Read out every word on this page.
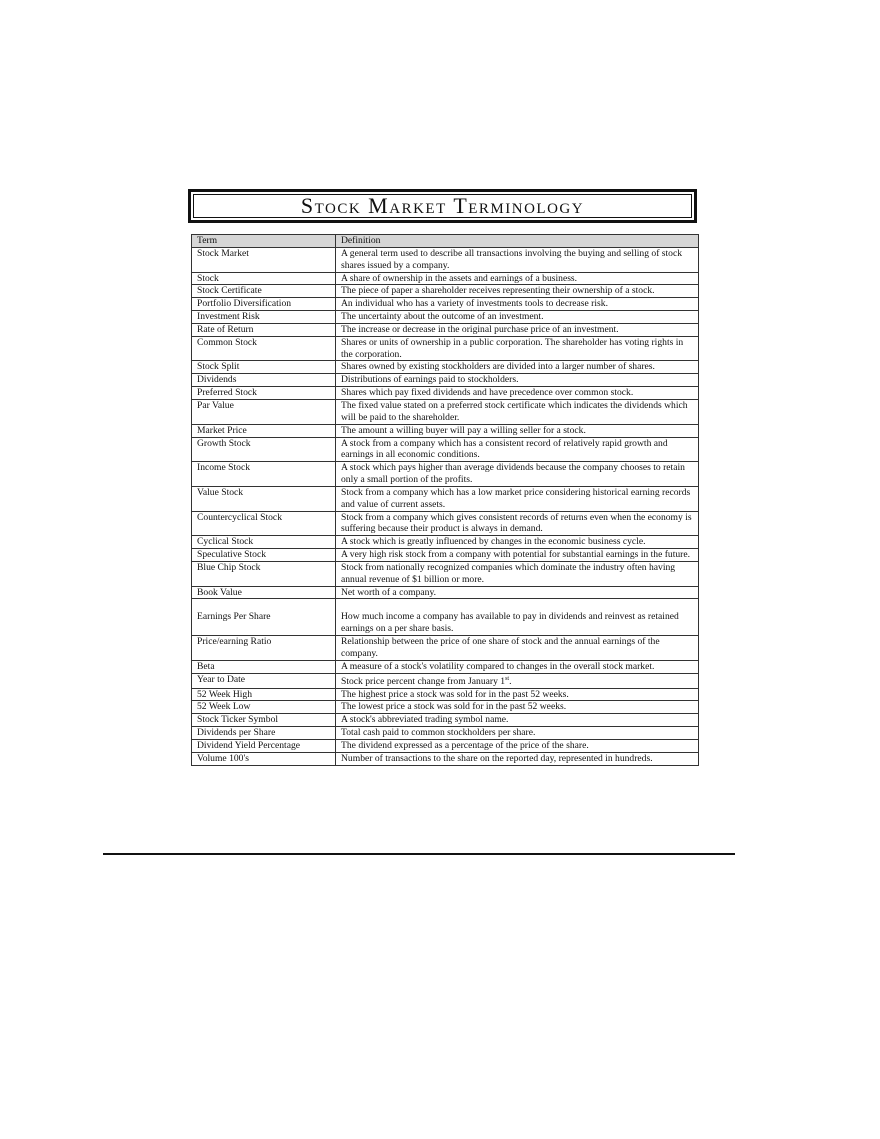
Stock Market Terminology
Term	Definition
Stock Market	A general term used to describe all transactions involving the buying and selling of stock shares issued by a company.
Stock	A share of ownership in the assets and earnings of a business.
Stock Certificate	The piece of paper a shareholder receives representing their ownership of a stock.
Portfolio Diversification	An individual who has a variety of investments tools to decrease risk.
Investment Risk	The uncertainty about the outcome of an investment.
Rate of Return	The increase or decrease in the original purchase price of an investment.
Common Stock	Shares or units of ownership in a public corporation. The shareholder has voting rights in the corporation.
Stock Split	Shares owned by existing stockholders are divided into a larger number of shares.
Dividends	Distributions of earnings paid to stockholders.
Preferred Stock	Shares which pay fixed dividends and have precedence over common stock.
Par Value	The fixed value stated on a preferred stock certificate which indicates the dividends which will be paid to the shareholder.
Market Price	The amount a willing buyer will pay a willing seller for a stock.
Growth Stock	A stock from a company which has a consistent record of relatively rapid growth and earnings in all economic conditions.
Income Stock	A stock which pays higher than average dividends because the company chooses to retain only a small portion of the profits.
Value Stock	Stock from a company which has a low market price considering historical earning records and value of current assets.
Countercyclical Stock	Stock from a company which gives consistent records of returns even when the economy is suffering because their product is always in demand.
Cyclical Stock	A stock which is greatly influenced by changes in the economic business cycle.
Speculative Stock	A very high risk stock from a company with potential for substantial earnings in the future.
Blue Chip Stock	Stock from nationally recognized companies which dominate the industry often having annual revenue of $1 billion or more.
Book Value	Net worth of a company.
Earnings Per Share	How much income a company has available to pay in dividends and reinvest as retained earnings on a per share basis.
Price/earning Ratio	Relationship between the price of one share of stock and the annual earnings of the company.
Beta	A measure of a stock's volatility compared to changes in the overall stock market.
Year to Date	Stock price percent change from January 1st.
52 Week High	The highest price a stock was sold for in the past 52 weeks.
52 Week Low	The lowest price a stock was sold for in the past 52 weeks.
Stock Ticker Symbol	A stock's abbreviated trading symbol name.
Dividends per Share	Total cash paid to common stockholders per share.
Dividend Yield Percentage	The dividend expressed as a percentage of the price of the share.
Volume 100's	Number of transactions to the share on the reported day, represented in hundreds.
